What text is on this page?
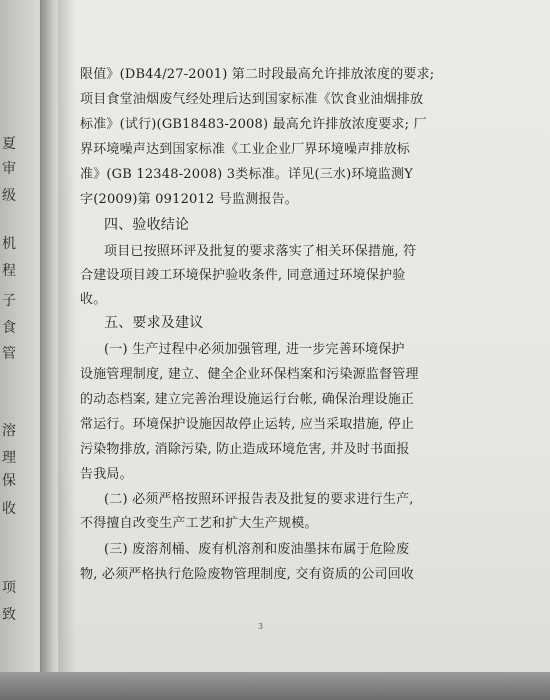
夏
审
级
机
程
子
食
管
溶
理
保
收
项
致
限值》(DB44/27-2001) 第二时段最高允许排放浓度的要求;
项目食堂油烟废气经处理后达到国家标准《饮食业油烟排放
标准》(试行)(GB18483-2008) 最高允许排放浓度要求; 厂
界环境噪声达到国家标准《工业企业厂界环境噪声排放标
准》(GB 12348-2008) 3类标准。详见(三水)环境监测Y
字(2009)第 0912012 号监测报告。
四、验收结论
项目已按照环评及批复的要求落实了相关环保措施, 符
合建设项目竣工环境保护验收条件, 同意通过环境保护验
收。
五、要求及建议
(一) 生产过程中必须加强管理, 进一步完善环境保护
设施管理制度, 建立、健全企业环保档案和污染源监督管理
的动态档案, 建立完善治理设施运行台帐, 确保治理设施正
常运行。环境保护设施因故停止运转, 应当采取措施, 停止
污染物排放, 消除污染, 防止造成环境危害, 并及时书面报
告我局。
(二) 必须严格按照环评报告表及批复的要求进行生产,
不得擅自改变生产工艺和扩大生产规模。
(三) 废溶剂桶、废有机溶剂和废油墨抹布属于危险废
物, 必须严格执行危险废物管理制度, 交有资质的公司回收
3
